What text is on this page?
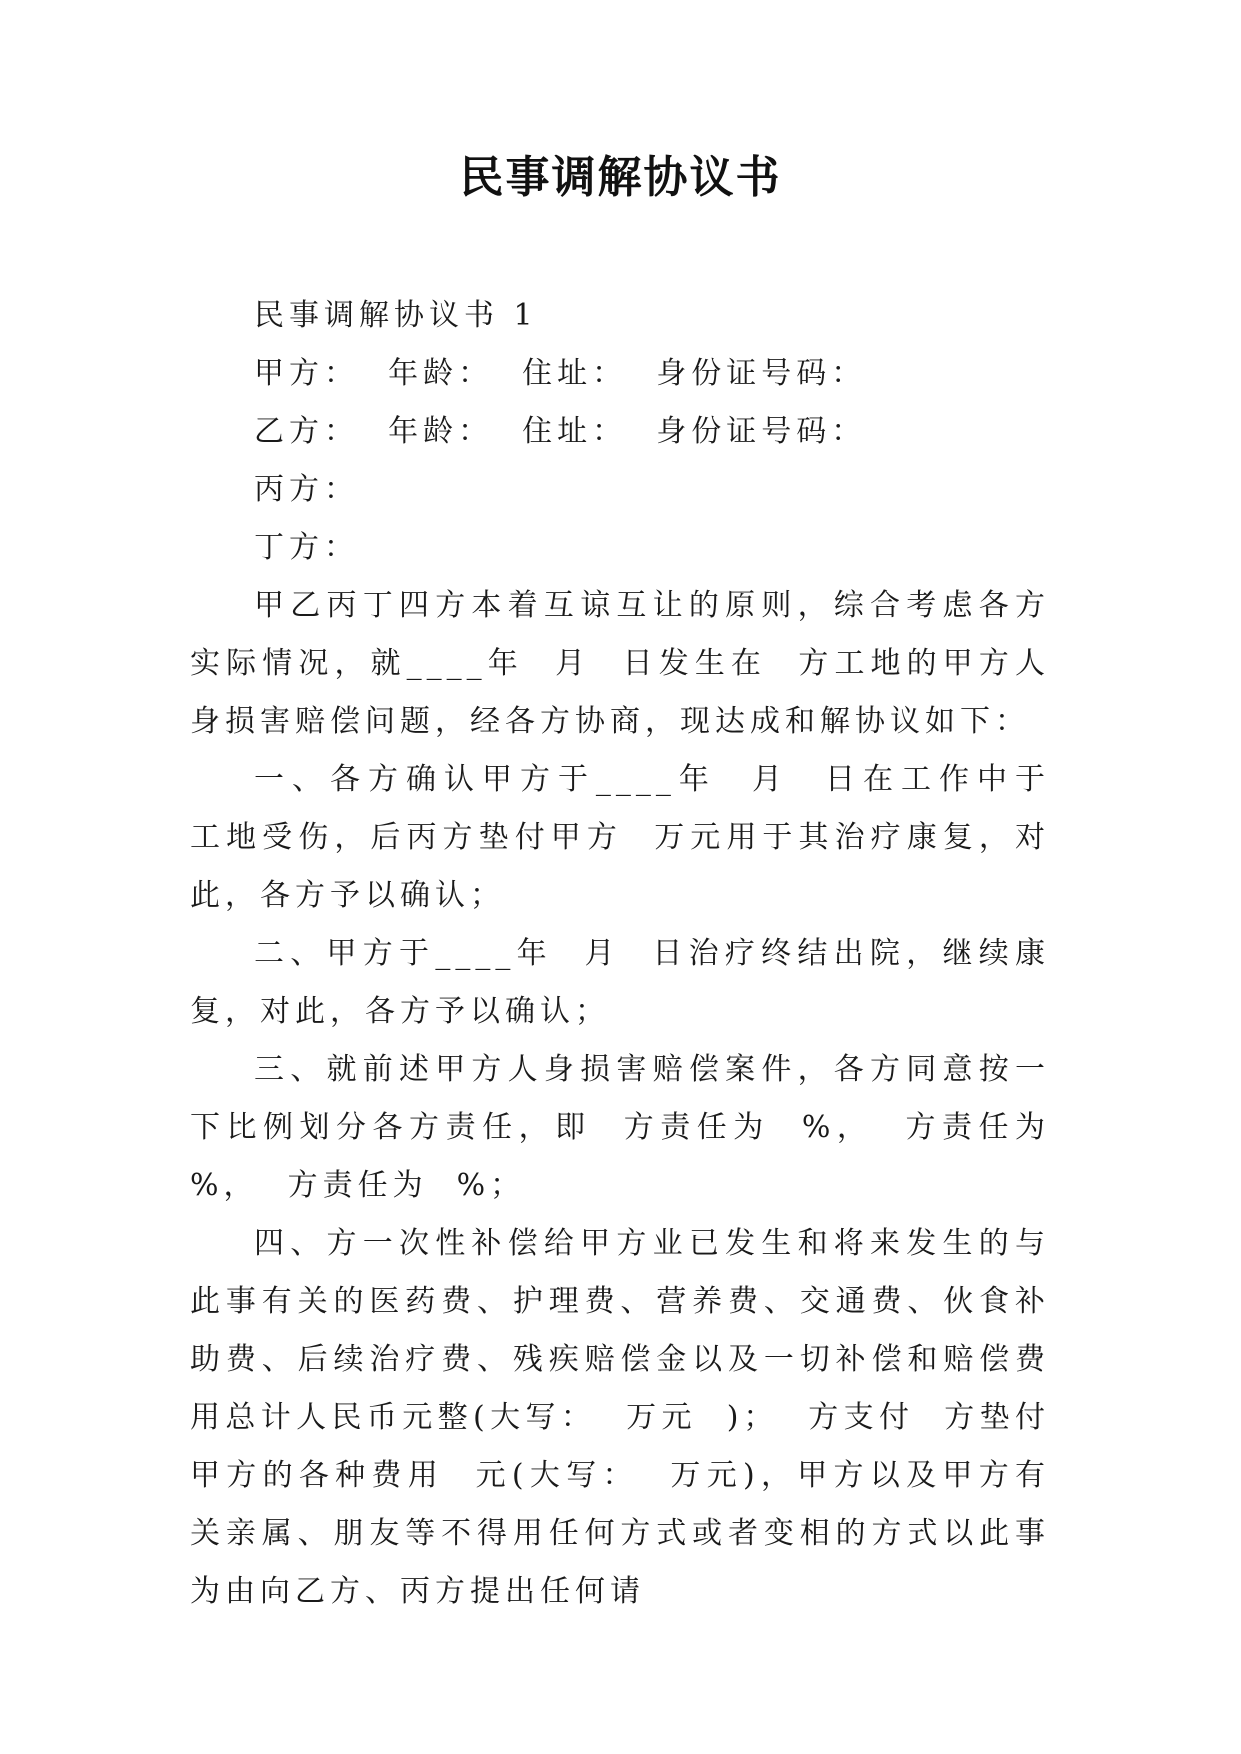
民事调解协议书

民事调解协议书 1

甲方：  年龄：  住址：  身份证号码：

乙方：  年龄：  住址：  身份证号码：

丙方：

丁方：

甲乙丙丁四方本着互谅互让的原则，综合考虑各方实际情况，就____年  月  日发生在  方工地的甲方人身损害赔偿问题，经各方协商，现达成和解协议如下：

一、各方确认甲方于____年  月  日在工作中于  工地受伤，后丙方垫付甲方  万元用于其治疗康复，对此，各方予以确认；

二、甲方于____年  月  日治疗终结出院，继续康复，对此，各方予以确认；

三、就前述甲方人身损害赔偿案件，各方同意按一下比例划分各方责任，即  方责任为  %，  方责任为  %，  方责任为  %；

四、方一次性补偿给甲方业已发生和将来发生的与此事有关的医药费、护理费、营养费、交通费、伙食补助费、后续治疗费、残疾赔偿金以及一切补偿和赔偿费用总计人民币元整(大写：  万元  )；  方支付  方垫付甲方的各种费用  元(大写：  万元)，甲方以及甲方有关亲属、朋友等不得用任何方式或者变相的方式以此事为由向乙方、丙方提出任何请
